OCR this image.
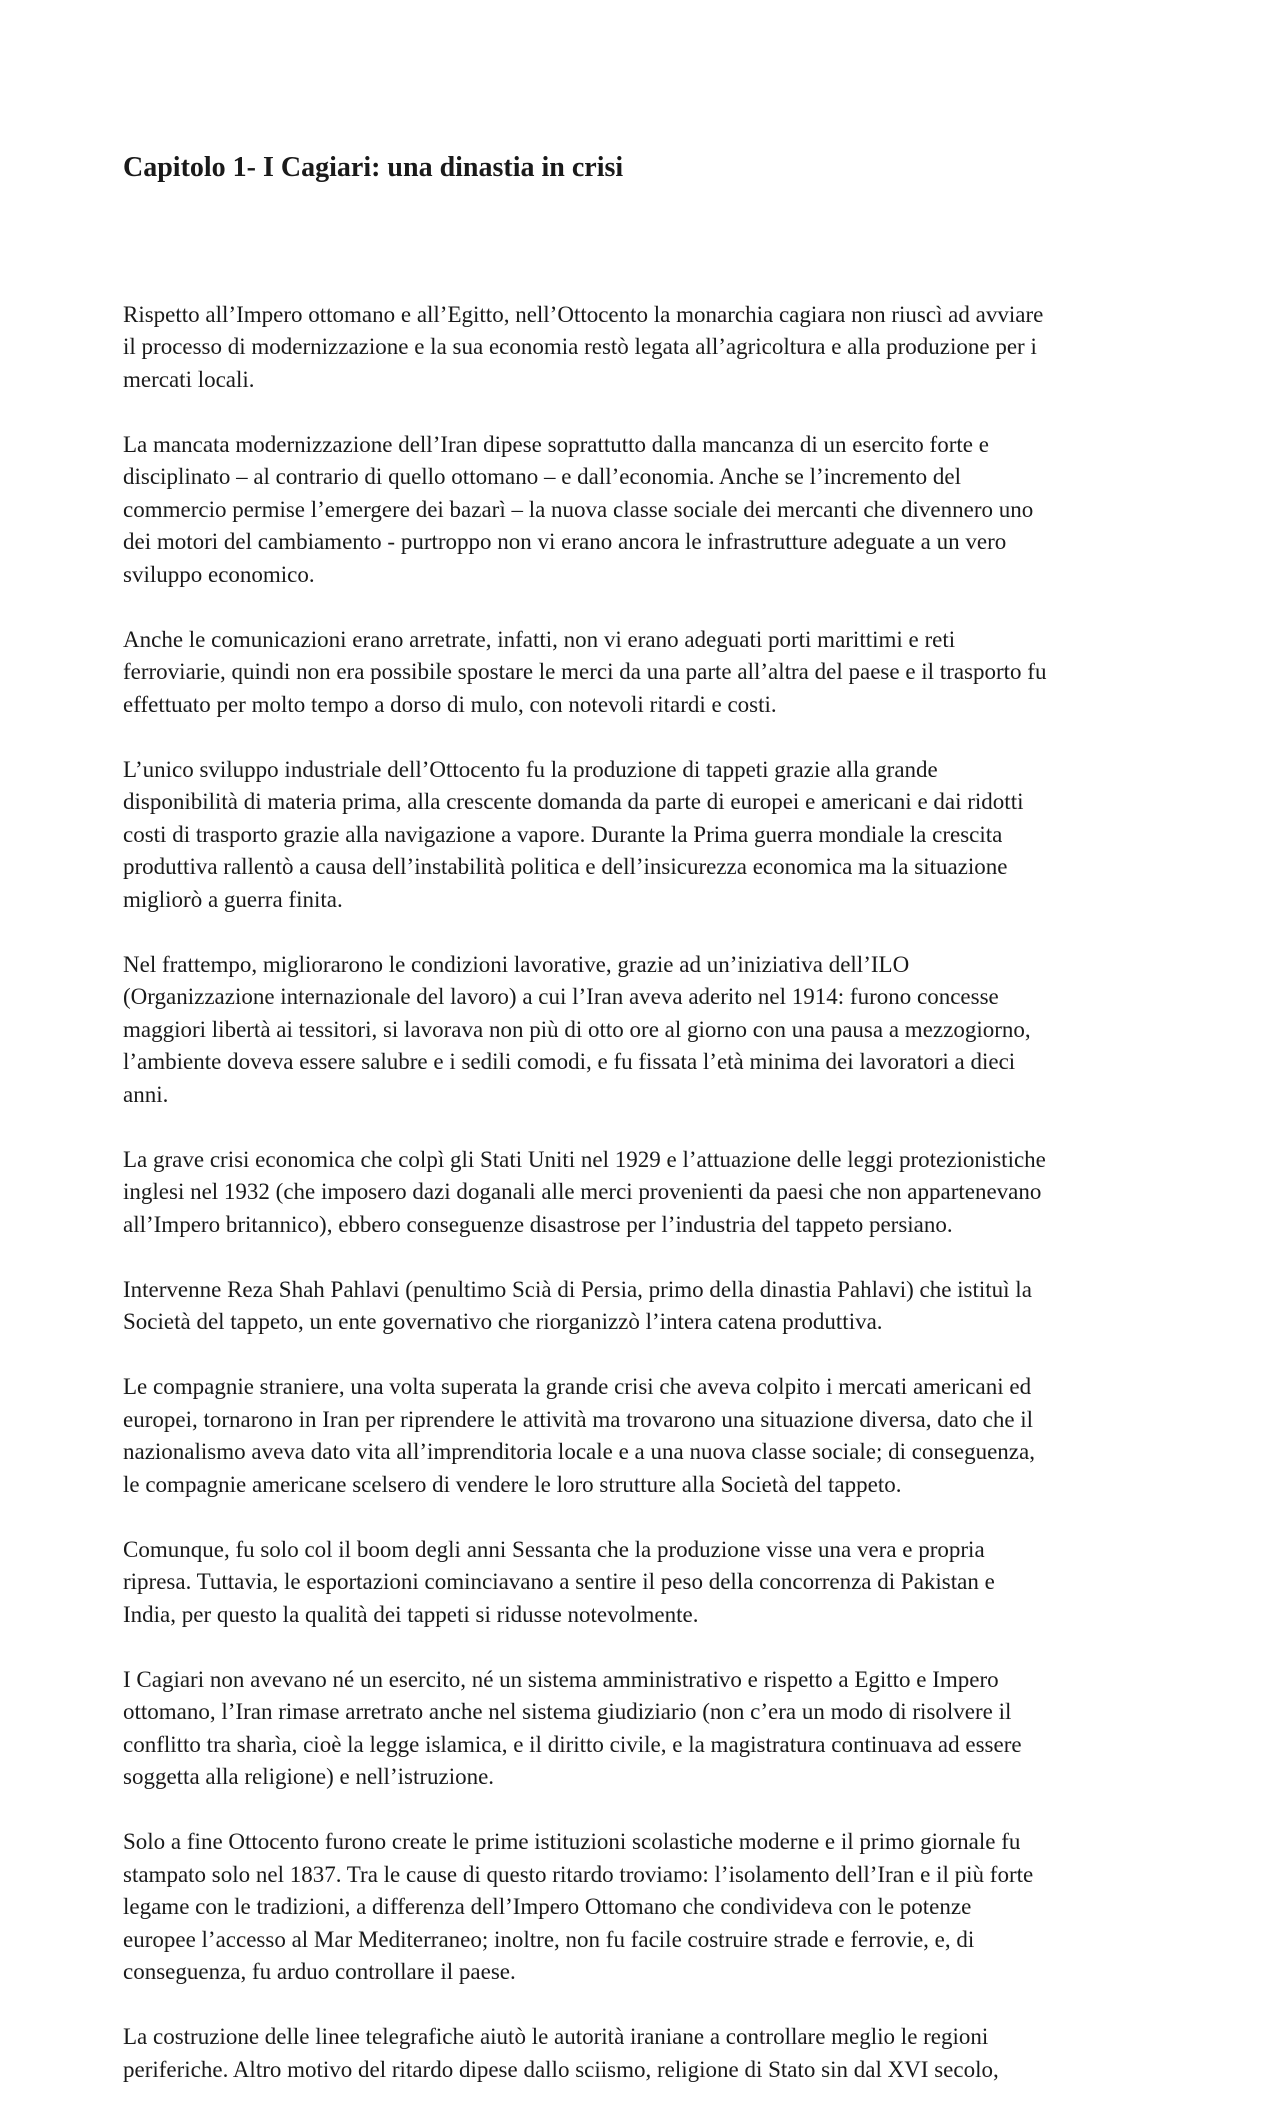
Capitolo 1- I Cagiari: una dinastia in crisi

Rispetto all’Impero ottomano e all’Egitto, nell’Ottocento la monarchia cagiara non riuscì ad avviare
il processo di modernizzazione e la sua economia restò legata all’agricoltura e alla produzione per i
mercati locali.

La mancata modernizzazione dell’Iran dipese soprattutto dalla mancanza di un esercito forte e
disciplinato – al contrario di quello ottomano – e dall’economia. Anche se l’incremento del
commercio permise l’emergere dei bazarì – la nuova classe sociale dei mercanti che divennero uno
dei motori del cambiamento - purtroppo non vi erano ancora le infrastrutture adeguate a un vero
sviluppo economico.

Anche le comunicazioni erano arretrate, infatti, non vi erano adeguati porti marittimi e reti
ferroviarie, quindi non era possibile spostare le merci da una parte all’altra del paese e il trasporto fu
effettuato per molto tempo a dorso di mulo, con notevoli ritardi e costi.

L’unico sviluppo industriale dell’Ottocento fu la produzione di tappeti grazie alla grande
disponibilità di materia prima, alla crescente domanda da parte di europei e americani e dai ridotti
costi di trasporto grazie alla navigazione a vapore. Durante la Prima guerra mondiale la crescita
produttiva rallentò a causa dell’instabilità politica e dell’insicurezza economica ma la situazione
migliorò a guerra finita.

Nel frattempo, migliorarono le condizioni lavorative, grazie ad un’iniziativa dell’ILO
(Organizzazione internazionale del lavoro) a cui l’Iran aveva aderito nel 1914: furono concesse
maggiori libertà ai tessitori, si lavorava non più di otto ore al giorno con una pausa a mezzogiorno,
l’ambiente doveva essere salubre e i sedili comodi, e fu fissata l’età minima dei lavoratori a dieci
anni.

La grave crisi economica che colpì gli Stati Uniti nel 1929 e l’attuazione delle leggi protezionistiche
inglesi nel 1932 (che imposero dazi doganali alle merci provenienti da paesi che non appartenevano
all’Impero britannico), ebbero conseguenze disastrose per l’industria del tappeto persiano.

Intervenne Reza Shah Pahlavi (penultimo Scià di Persia, primo della dinastia Pahlavi) che istituì la
Società del tappeto, un ente governativo che riorganizzò l’intera catena produttiva.

Le compagnie straniere, una volta superata la grande crisi che aveva colpito i mercati americani ed
europei, tornarono in Iran per riprendere le attività ma trovarono una situazione diversa, dato che il
nazionalismo aveva dato vita all’imprenditoria locale e a una nuova classe sociale; di conseguenza,
le compagnie americane scelsero di vendere le loro strutture alla Società del tappeto.

Comunque, fu solo col il boom degli anni Sessanta che la produzione visse una vera e propria
ripresa. Tuttavia, le esportazioni cominciavano a sentire il peso della concorrenza di Pakistan e
India, per questo la qualità dei tappeti si ridusse notevolmente.

I Cagiari non avevano né un esercito, né un sistema amministrativo e rispetto a Egitto e Impero
ottomano, l’Iran rimase arretrato anche nel sistema giudiziario (non c’era un modo di risolvere il
conflitto tra sharìa, cioè la legge islamica, e il diritto civile, e la magistratura continuava ad essere
soggetta alla religione) e nell’istruzione.

Solo a fine Ottocento furono create le prime istituzioni scolastiche moderne e il primo giornale fu
stampato solo nel 1837. Tra le cause di questo ritardo troviamo: l’isolamento dell’Iran e il più forte
legame con le tradizioni, a differenza dell’Impero Ottomano che condivideva con le potenze
europee l’accesso al Mar Mediterraneo; inoltre, non fu facile costruire strade e ferrovie, e, di
conseguenza, fu arduo controllare il paese.

La costruzione delle linee telegrafiche aiutò le autorità iraniane a controllare meglio le regioni
periferiche. Altro motivo del ritardo dipese dallo sciismo, religione di Stato sin dal XVI secolo,
